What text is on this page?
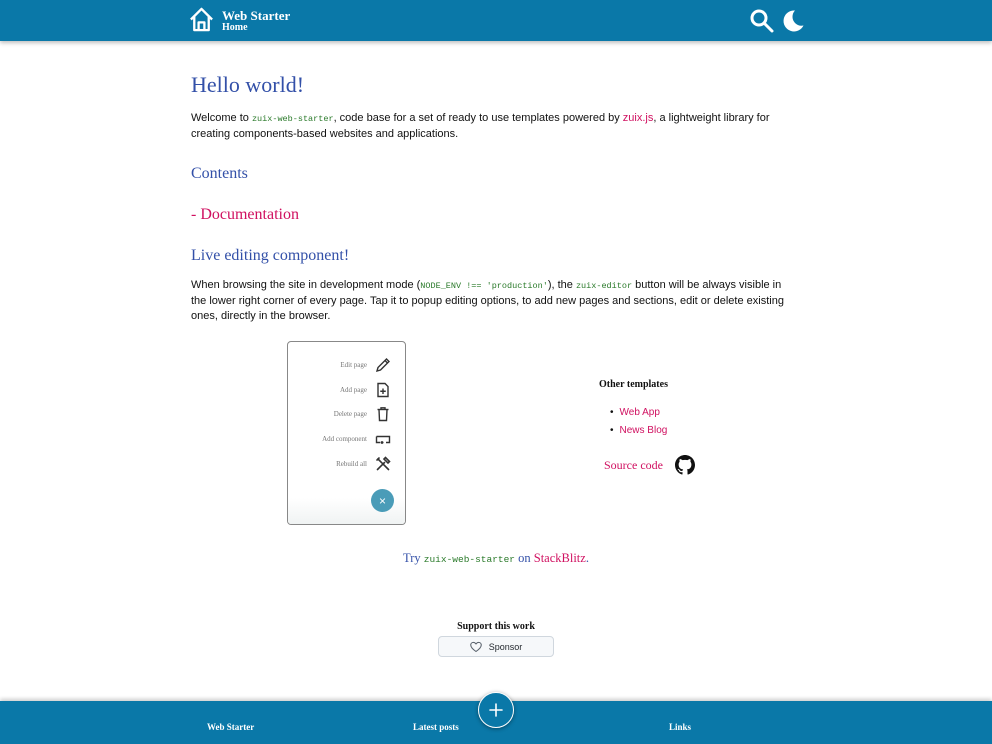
Web Starter
Home
Hello world!

Welcome to zuix-web-starter, code base for a set of ready to use templates powered by zuix.js, a lightweight library for creating components-based websites and applications.

Contents
- Documentation
Live editing component!

When browsing the site in development mode (NODE_ENV !== 'production'), the zuix-editor button will be always visible in the lower right corner of every page. Tap it to popup editing options, to add new pages and sections, edit or delete existing ones, directly in the browser.

Edit page
Add page
Delete page
Add component
Rebuild all
×
Other templates
• Web App
• News Blog
Source code
Try zuix-web-starter on StackBlitz.
Support this work
Sponsor
Web Starter	Latest posts	Links
